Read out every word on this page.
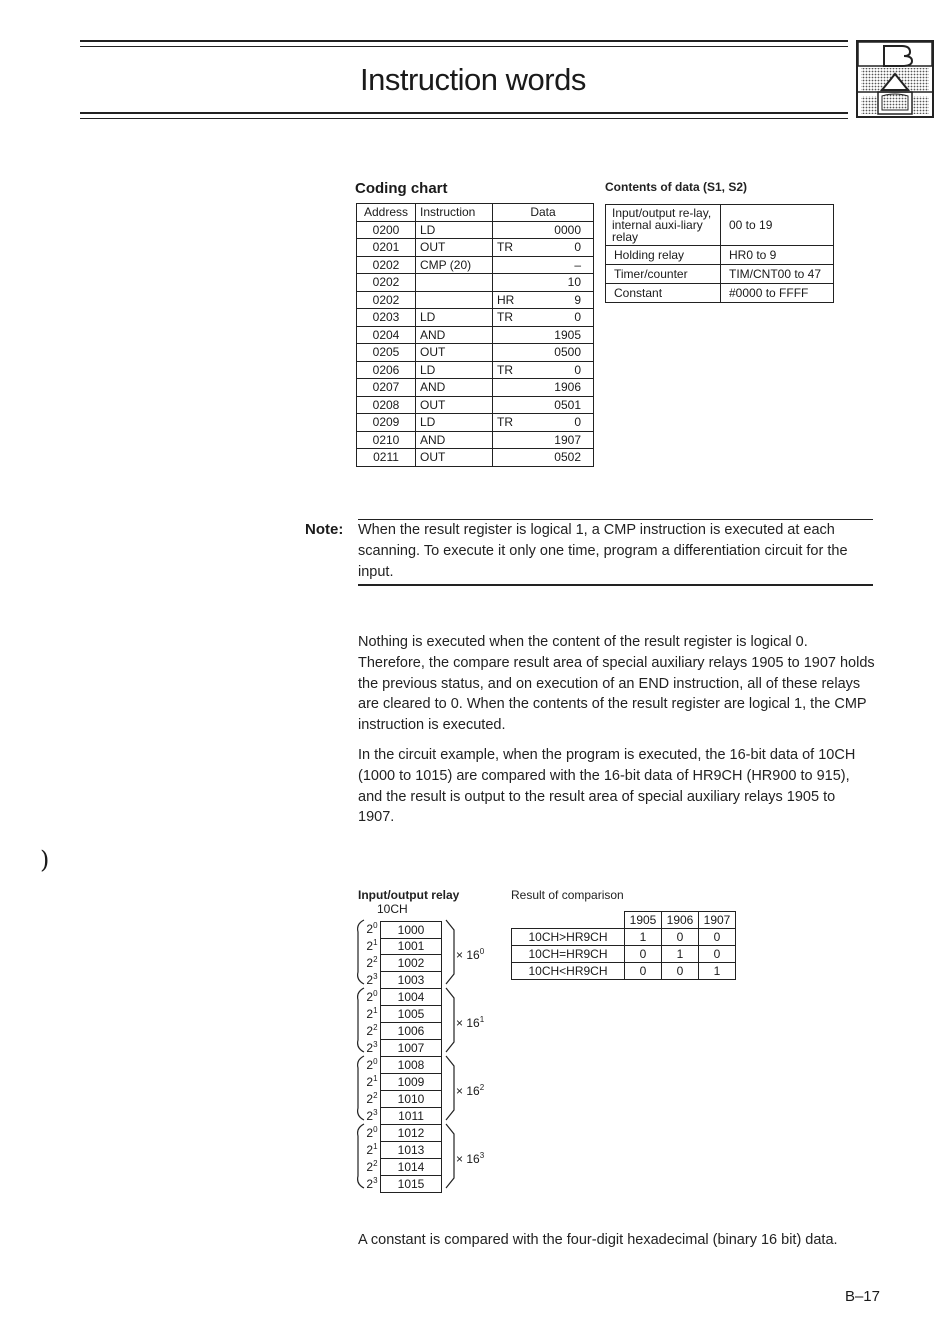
Instruction words
Coding chart
Address	Instruction	Data	
0200	LD		0000
0201	OUT	TR	0
0202	CMP (20)		–
0202			10
0202		HR	9
0203	LD	TR	0
0204	AND		1905
0205	OUT		0500
0206	LD	TR	0
0207	AND		1906
0208	OUT		0501
0209	LD	TR	0
0210	AND		1907
0211	OUT		0502
Contents of data (S1, S2)
Input/output re-lay, internal auxi-liary relay	00 to 19
Holding relay	HR0 to 9
Timer/counter	TIM/CNT00 to 47
Constant	#0000 to FFFF
Note: When the result register is logical 1, a CMP instruction is executed at each scanning. To execute it only one time, program a differentiation circuit for the input.
Nothing is executed when the content of the result register is logical 0. Therefore, the compare result area of special auxiliary relays 1905 to 1907 holds the previous status, and on execution of an END instruction, all of these relays are cleared to 0. When the contents of the result register are logical 1, the CMP instruction is executed.
In the circuit example, when the program is executed, the 16-bit data of 10CH (1000 to 1015) are compared with the 16-bit data of HR9CH (HR900 to 915), and the result is output to the result area of special auxiliary relays 1905 to 1907.
)
Input/output relay
10CH
$2^0$	1000
$2^1$	1001
$2^2$	1002
$2^3$	1003
$2^0$	1004
$2^1$	1005
$2^2$	1006
$2^3$	1007
$2^0$	1008
$2^1$	1009
$2^2$	1010
$2^3$	1011
$2^0$	1012
$2^1$	1013
$2^2$	1014
$2^3$	1015
× $16^0$
× $16^1$
× $16^2$
× $16^3$
Result of comparison
	1905	1906	1907
10CH>HR9CH	1	0	0
10CH=HR9CH	0	1	0
10CH<HR9CH	0	0	1
A constant is compared with the four-digit hexadecimal (binary 16 bit) data.
B–17
